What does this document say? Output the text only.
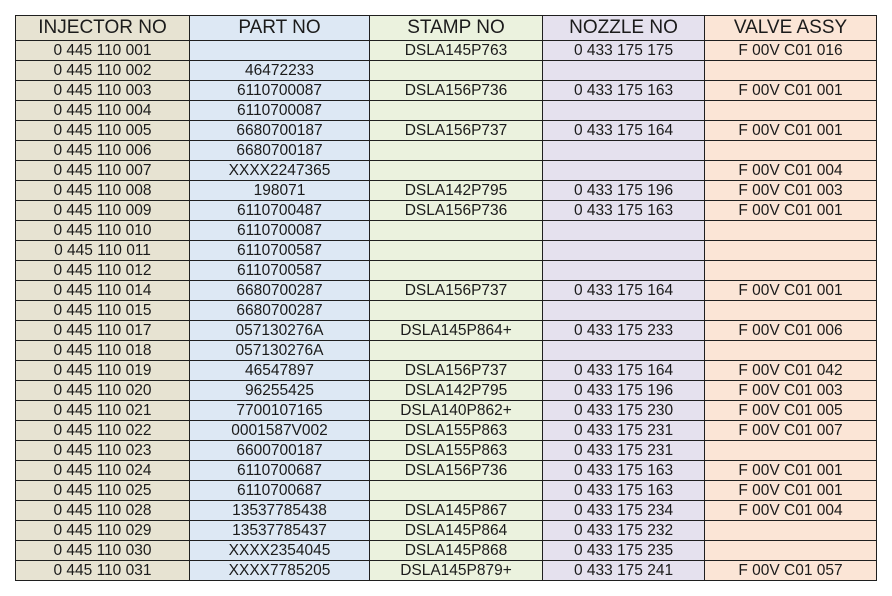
INJECTOR NO	PART NO	STAMP NO	NOZZLE NO	VALVE ASSY
0 445 110 001		DSLA145P763	0 433 175 175	F 00V C01 016
0 445 110 002	46472233			
0 445 110 003	6110700087	DSLA156P736	0 433 175 163	F 00V C01 001
0 445 110 004	6110700087			
0 445 110 005	6680700187	DSLA156P737	0 433 175 164	F 00V C01 001
0 445 110 006	6680700187			
0 445 110 007	XXXX2247365			F 00V C01 004
0 445 110 008	198071	DSLA142P795	0 433 175 196	F 00V C01 003
0 445 110 009	6110700487	DSLA156P736	0 433 175 163	F 00V C01 001
0 445 110 010	6110700087			
0 445 110 011	6110700587			
0 445 110 012	6110700587			
0 445 110 014	6680700287	DSLA156P737	0 433 175 164	F 00V C01 001
0 445 110 015	6680700287			
0 445 110 017	057130276A	DSLA145P864+	0 433 175 233	F 00V C01 006
0 445 110 018	057130276A			
0 445 110 019	46547897	DSLA156P737	0 433 175 164	F 00V C01 042
0 445 110 020	96255425	DSLA142P795	0 433 175 196	F 00V C01 003
0 445 110 021	7700107165	DSLA140P862+	0 433 175 230	F 00V C01 005
0 445 110 022	0001587V002	DSLA155P863	0 433 175 231	F 00V C01 007
0 445 110 023	6600700187	DSLA155P863	0 433 175 231	
0 445 110 024	6110700687	DSLA156P736	0 433 175 163	F 00V C01 001
0 445 110 025	6110700687		0 433 175 163	F 00V C01 001
0 445 110 028	13537785438	DSLA145P867	0 433 175 234	F 00V C01 004
0 445 110 029	13537785437	DSLA145P864	0 433 175 232	
0 445 110 030	XXXX2354045	DSLA145P868	0 433 175 235	
0 445 110 031	XXXX7785205	DSLA145P879+	0 433 175 241	F 00V C01 057
